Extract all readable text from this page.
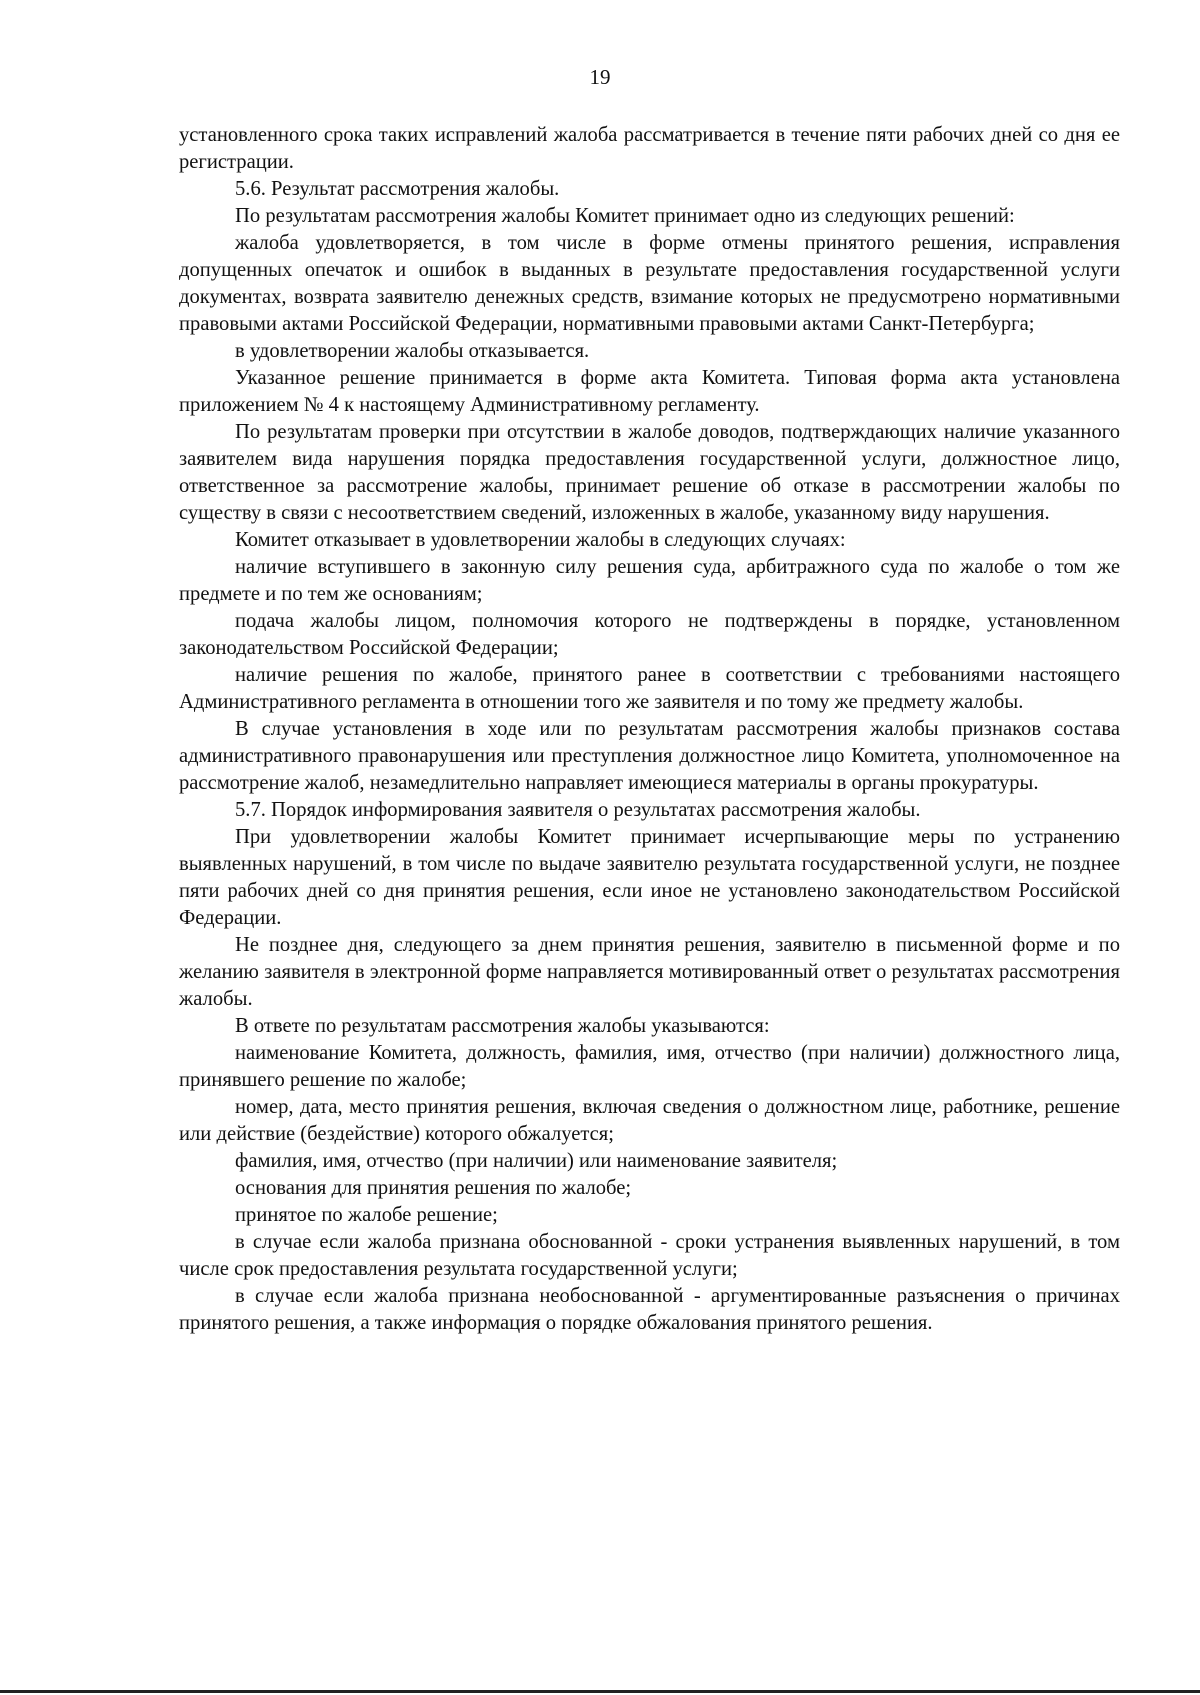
19

установленного срока таких исправлений жалоба рассматривается в течение пяти рабочих дней со дня ее регистрации.

5.6. Результат рассмотрения жалобы.

По результатам рассмотрения жалобы Комитет принимает одно из следующих решений:

жалоба удовлетворяется, в том числе в форме отмены принятого решения, исправления допущенных опечаток и ошибок в выданных в результате предоставления государственной услуги документах, возврата заявителю денежных средств, взимание которых не предусмотрено нормативными правовыми актами Российской Федерации, нормативными правовыми актами Санкт-Петербурга;

в удовлетворении жалобы отказывается.

Указанное решение принимается в форме акта Комитета. Типовая форма акта установлена приложением № 4 к настоящему Административному регламенту.

По результатам проверки при отсутствии в жалобе доводов, подтверждающих наличие указанного заявителем вида нарушения порядка предоставления государственной услуги, должностное лицо, ответственное за рассмотрение жалобы, принимает решение об отказе в рассмотрении жалобы по существу в связи с несоответствием сведений, изложенных в жалобе, указанному виду нарушения.

Комитет отказывает в удовлетворении жалобы в следующих случаях:

наличие вступившего в законную силу решения суда, арбитражного суда по жалобе о том же предмете и по тем же основаниям;

подача жалобы лицом, полномочия которого не подтверждены в порядке, установленном законодательством Российской Федерации;

наличие решения по жалобе, принятого ранее в соответствии с требованиями настоящего Административного регламента в отношении того же заявителя и по тому же предмету жалобы.

В случае установления в ходе или по результатам рассмотрения жалобы признаков состава административного правонарушения или преступления должностное лицо Комитета, уполномоченное на рассмотрение жалоб, незамедлительно направляет имеющиеся материалы в органы прокуратуры.

5.7. Порядок информирования заявителя о результатах рассмотрения жалобы.

При удовлетворении жалобы Комитет принимает исчерпывающие меры по устранению выявленных нарушений, в том числе по выдаче заявителю результата государственной услуги, не позднее пяти рабочих дней со дня принятия решения, если иное не установлено законодательством Российской Федерации.

Не позднее дня, следующего за днем принятия решения, заявителю в письменной форме и по желанию заявителя в электронной форме направляется мотивированный ответ о результатах рассмотрения жалобы.

В ответе по результатам рассмотрения жалобы указываются:

наименование Комитета, должность, фамилия, имя, отчество (при наличии) должностного лица, принявшего решение по жалобе;

номер, дата, место принятия решения, включая сведения о должностном лице, работнике, решение или действие (бездействие) которого обжалуется;

фамилия, имя, отчество (при наличии) или наименование заявителя;

основания для принятия решения по жалобе;

принятое по жалобе решение;

в случае если жалоба признана обоснованной - сроки устранения выявленных нарушений, в том числе срок предоставления результата государственной услуги;

в случае если жалоба признана необоснованной - аргументированные разъяснения о причинах принятого решения, а также информация о порядке обжалования принятого решения.
